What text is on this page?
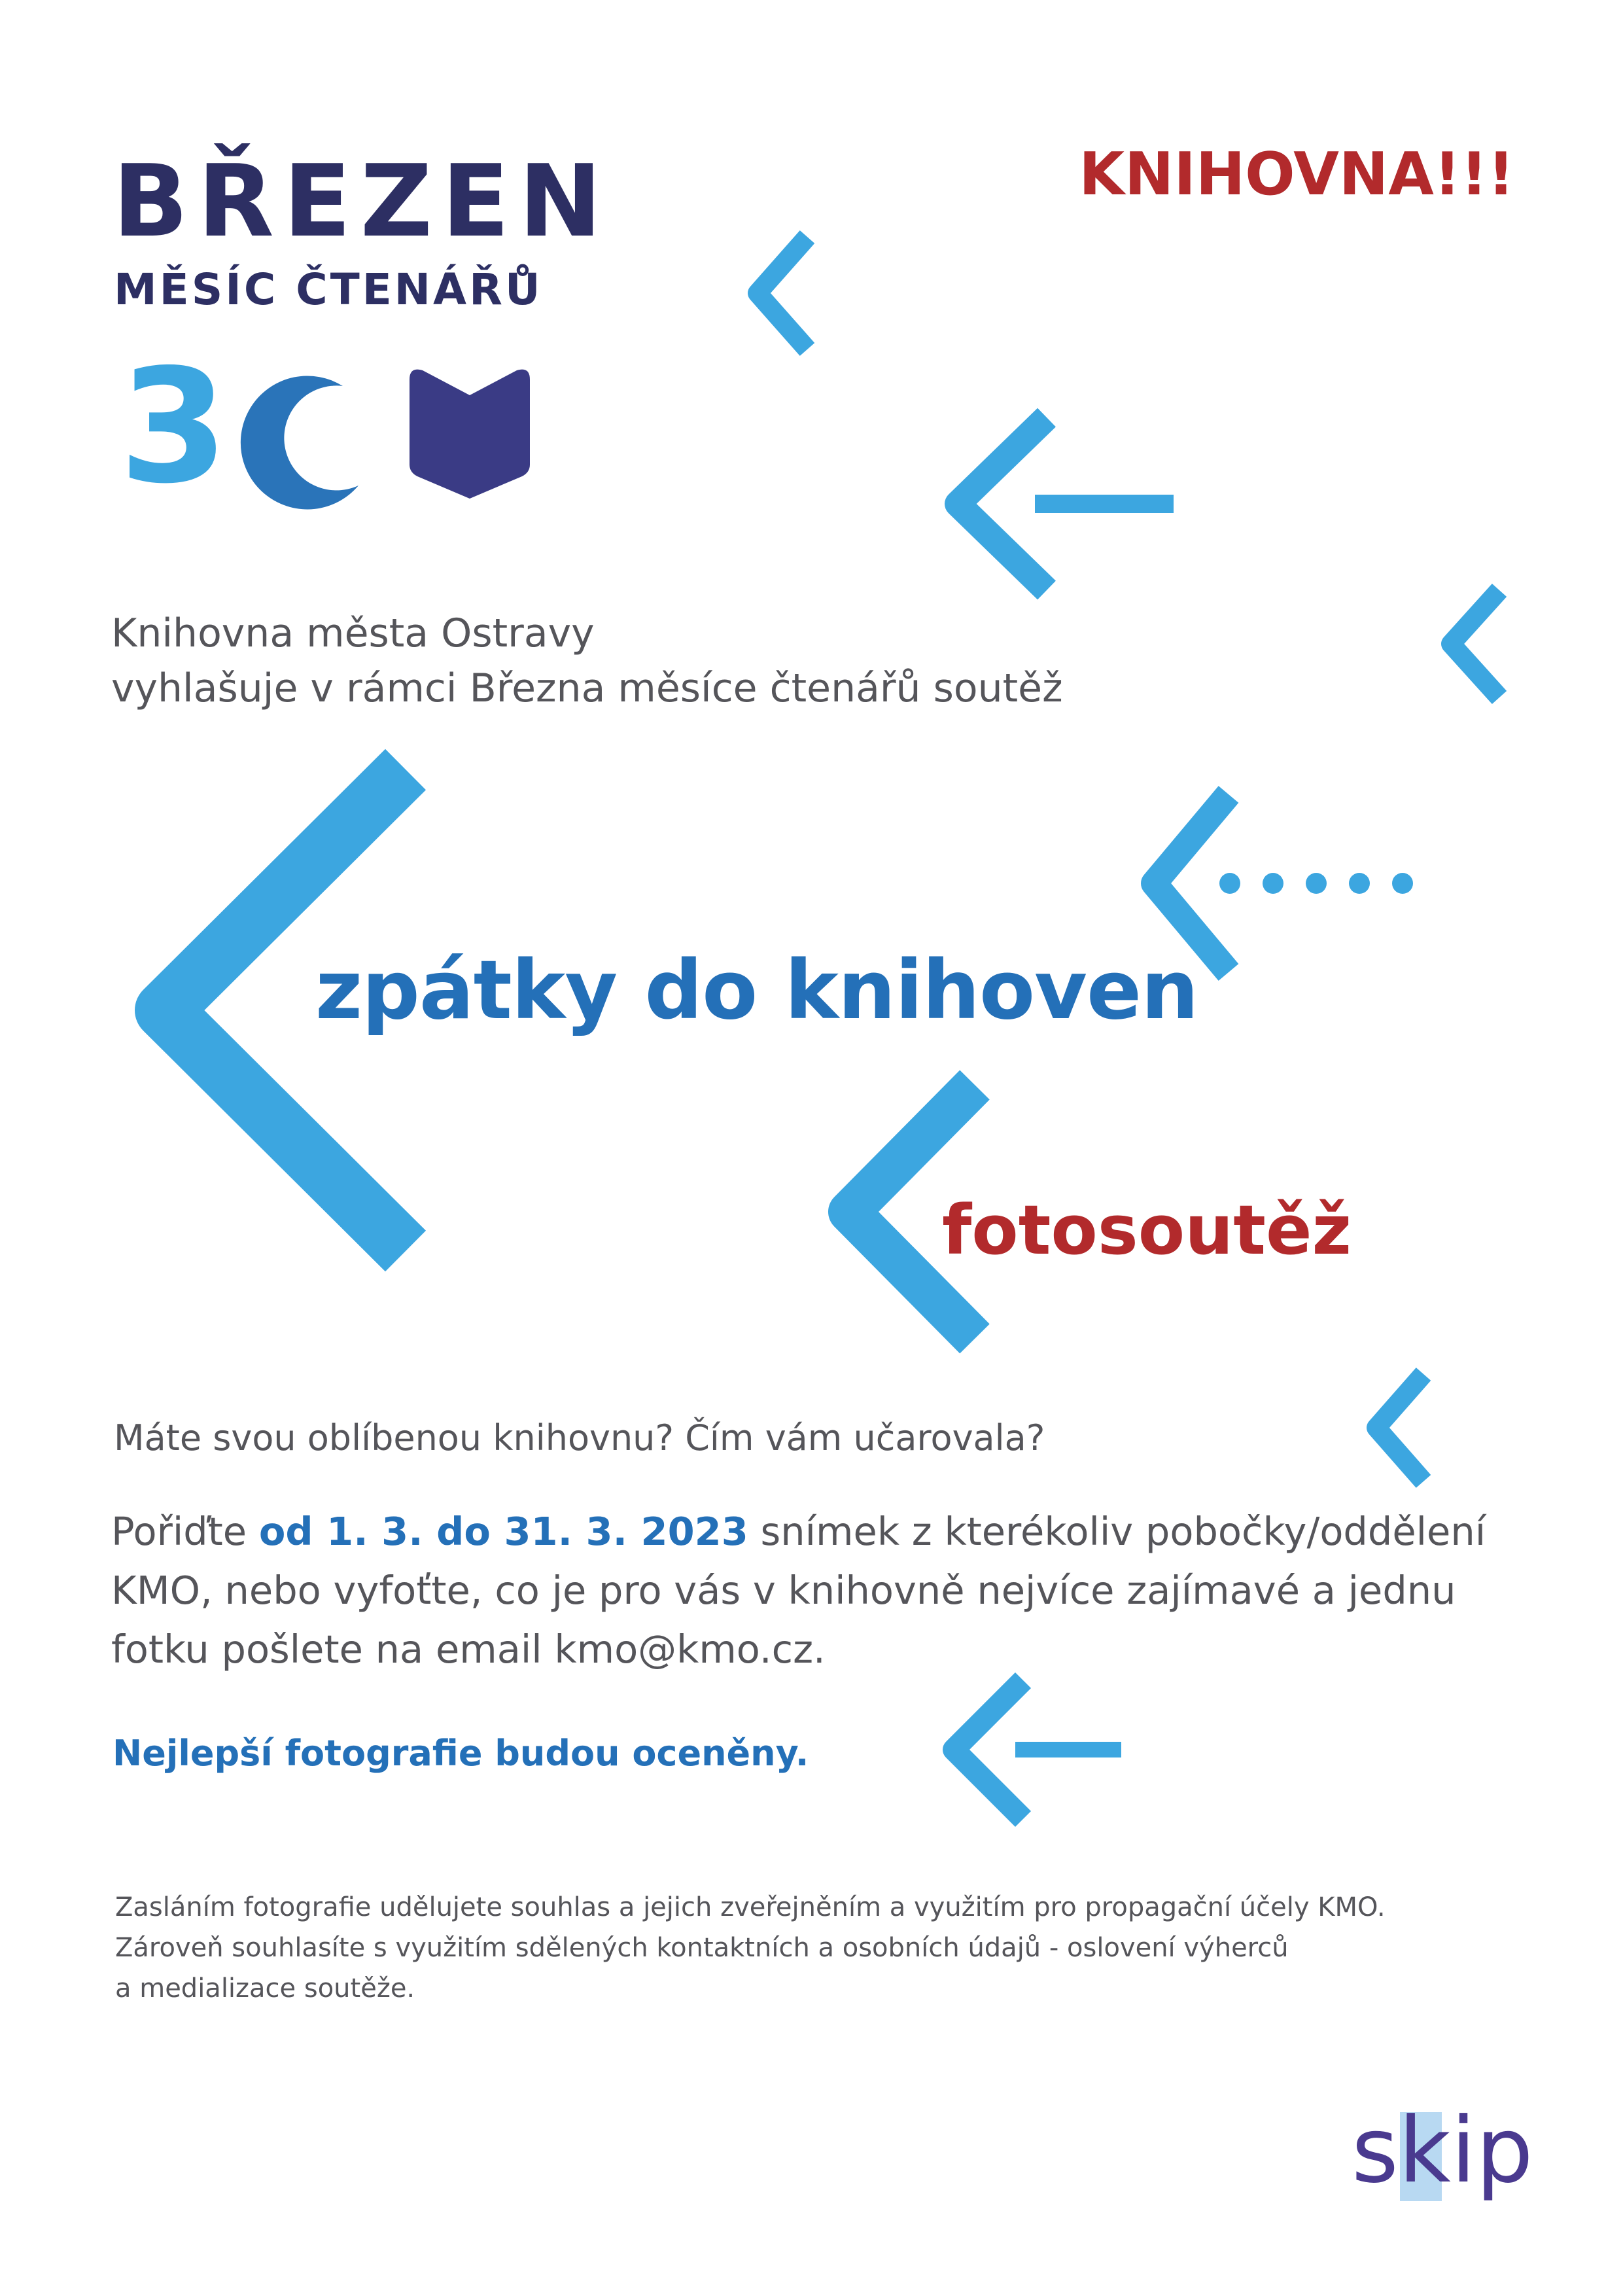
BŘEZEN
MĚSÍC ČTENÁŘŮ
3
KNIHOVNA!!!
Knihovna města Ostravy
vyhlašuje v rámci Března měsíce čtenářů soutěž
zpátky do knihoven
fotosoutěž
Máte svou oblíbenou knihovnu? Čím vám učarovala?
Pořiďte od 1. 3. do 31. 3. 2023 snímek z kterékoliv pobočky/oddělení
KMO, nebo vyfoťte, co je pro vás v knihovně nejvíce zajímavé a jednu
fotku pošlete na email kmo@kmo.cz.
Nejlepší fotografie budou oceněny.
Zasláním fotografie udělujete souhlas a jejich zveřejněním a využitím pro propagační účely KMO.
Zároveň souhlasíte s využitím sdělených kontaktních a osobních údajů - oslovení výherců
a medializace soutěže.
skip
